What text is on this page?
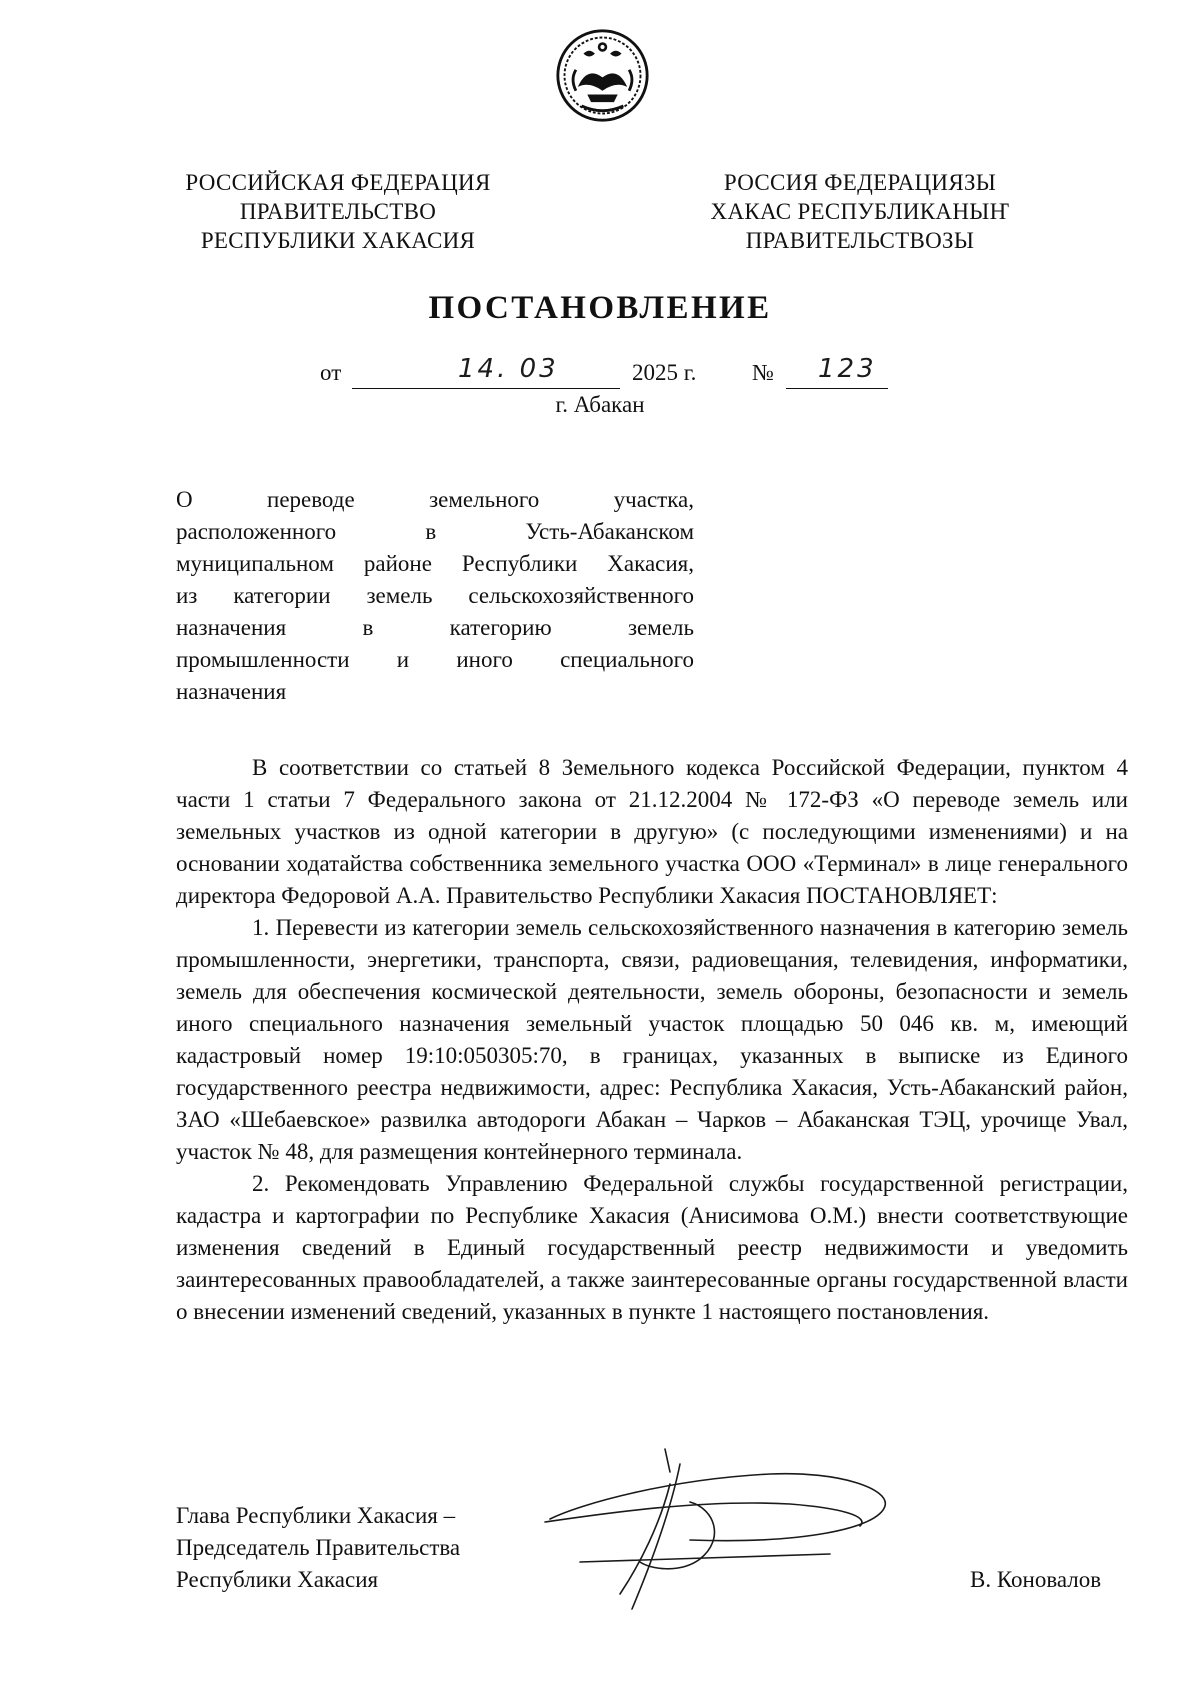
РОССИЙСКАЯ ФЕДЕРАЦИЯ
ПРАВИТЕЛЬСТВО
РЕСПУБЛИКИ ХАКАСИЯ
РОССИЯ ФЕДЕРАЦИЯЗЫ
ХАКАС РЕСПУБЛИКАНЫҤ
ПРАВИТЕЛЬСТВОЗЫ
ПОСТАНОВЛЕНИЕ
от	14. 03	2025 г. № 123
г. Абакан
О переводе земельного участка,
расположенного в Усть-Абаканском
муниципальном районе Республики Хакасия,
из категории земель сельскохозяйственного
назначения в категорию земель
промышленности и иного специального
назначения

В соответствии со статьей 8 Земельного кодекса Российской Федерации, пунктом 4 части 1 статьи 7 Федерального закона от 21.12.2004 № 172-ФЗ «О переводе земель или земельных участков из одной категории в другую» (с последующими изменениями) и на основании ходатайства собственника земельного участка ООО «Терминал» в лице генерального директора Федоровой А.А. Правительство Республики Хакасия ПОСТАНОВЛЯЕТ:

1. Перевести из категории земель сельскохозяйственного назначения в категорию земель промышленности, энергетики, транспорта, связи, радиовещания, телевидения, информатики, земель для обеспечения космической деятельности, земель обороны, безопасности и земель иного специального назначения земельный участок площадью 50 046 кв. м, имеющий кадастровый номер 19:10:050305:70, в границах, указанных в выписке из Единого государственного реестра недвижимости, адрес: Республика Хакасия, Усть-Абаканский район, ЗАО «Шебаевское» развилка автодороги Абакан – Чарков – Абаканская ТЭЦ, урочище Увал, участок № 48, для размещения контейнерного терминала.

2. Рекомендовать Управлению Федеральной службы государственной регистрации, кадастра и картографии по Республике Хакасия (Анисимова О.М.) внести соответствующие изменения сведений в Единый государственный реестр недвижимости и уведомить заинтересованных правообладателей, а также заинтересованные органы государственной власти о внесении изменений сведений, указанных в пункте 1 настоящего постановления.

Глава Республики Хакасия –
Председатель Правительства
Республики Хакасия	В. Коновалов
